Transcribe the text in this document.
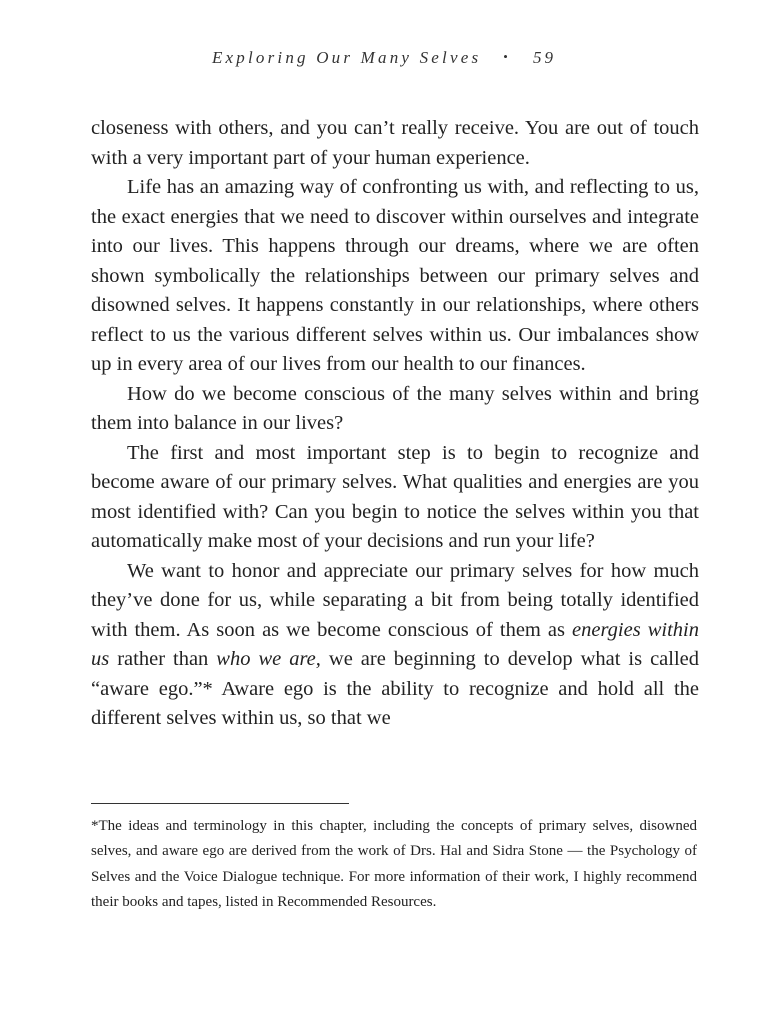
Exploring Our Many Selves • 59

closeness with others, and you can’t really receive. You are out of touch with a very important part of your human experience.

Life has an amazing way of confronting us with, and reflecting to us, the exact energies that we need to discover within ourselves and integrate into our lives. This happens through our dreams, where we are often shown symbolically the relationships between our primary selves and disowned selves. It happens constantly in our relationships, where others reflect to us the various different selves within us. Our imbalances show up in every area of our lives from our health to our finances.

How do we become conscious of the many selves within and bring them into balance in our lives?

The first and most important step is to begin to recognize and become aware of our primary selves. What qualities and energies are you most identified with? Can you begin to notice the selves within you that automatically make most of your decisions and run your life?

We want to honor and appreciate our primary selves for how much they’ve done for us, while separating a bit from being totally identified with them. As soon as we become conscious of them as energies within us rather than who we are, we are beginning to develop what is called “aware ego.”* Aware ego is the ability to recognize and hold all the different selves within us, so that we

*The ideas and terminology in this chapter, including the concepts of primary selves, disowned selves, and aware ego are derived from the work of Drs. Hal and Sidra Stone — the Psychology of Selves and the Voice Dialogue technique. For more information of their work, I highly recommend their books and tapes, listed in Recommended Resources.
